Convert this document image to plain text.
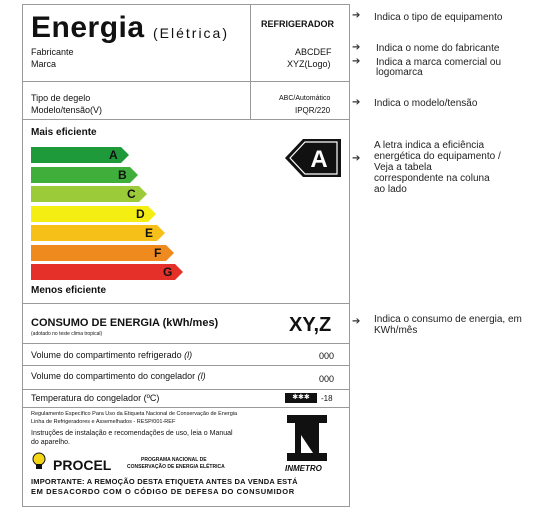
Energia (Elétrica)
REFRIGERADOR
Fabricante	ABCDEF
Marca	XYZ(Logo)
Tipo de degelo	ABC/Automático
Modelo/tensão(V)	IPQR/220
Mais eficiente
A
B
C
D
E
F
G
Menos eficiente
A
CONSUMO DE ENERGIA (kWh/mes)
(adotado no teste clima tropical)	XY,Z
Volume do compartimento refrigerado (l)	000
Volume do compartimento do congelador (l)	000
Temperatura do congelador (ºC)	✱✱✱	-18
Regulamento Específico Para Uso da Etiqueta Nacional de Conservação de Energia
Linha de Refrigeradores e Assemelhados - RESP/001-REF
Instruções de instalação e recomendações de uso, leia o Manual
do aparelho.
PROCEL	PROGRAMA NACIONAL DE
CONSERVAÇÃO DE ENERGIA ELÉTRICA	INMETRO
IMPORTANTE: A REMOÇÃO DESTA ETIQUETA ANTES DA VENDA ESTÁ
EM DESACORDO COM O CÓDIGO DE DEFESA DO CONSUMIDOR
➔ Indica o tipo de equipamento
➔ Indica o nome do fabricante
➔ Indica a marca comercial ou
logomarca
➔ Indica o modelo/tensão
➔
A letra indica a eficiência
energética do equipamento /
Veja a tabela
correspondente na coluna
ao lado
➔ Indica o consumo de energia, em
KWh/mês
